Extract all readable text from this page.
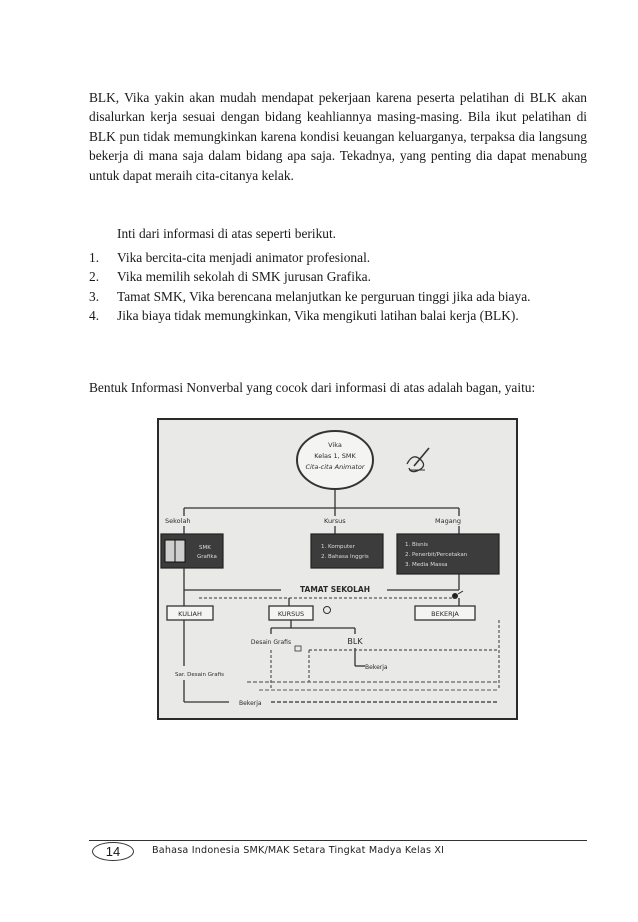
BLK, Vika yakin akan mudah mendapat pekerjaan karena peserta pelatihan di BLK akan disalurkan kerja sesuai dengan bidang keahliannya masing-masing. Bila ikut pelatihan di BLK pun tidak memungkinkan karena kondisi keuangan keluarganya, terpaksa dia langsung bekerja di mana saja dalam bidang apa saja. Tekadnya, yang penting dia dapat menabung untuk dapat meraih cita-citanya kelak.

Inti dari informasi di atas seperti berikut.

1. Vika bercita-cita menjadi animator profesional.
2. Vika memilih sekolah di SMK jurusan Grafika.
3. Tamat SMK, Vika berencana melanjutkan ke perguruan tinggi jika ada biaya.
4. Jika biaya tidak memungkinkan, Vika mengikuti latihan balai kerja (BLK).

Bentuk Informasi Nonverbal yang cocok dari informasi di atas adalah bagan, yaitu:

Vika
Kelas 1, SMK
Cita-cita Animator
Sekolah	Kursus	Magang
SMK
Grafika
1. Komputer
2. Bahasa Inggris
1. Bisnis
2. Penerbit/Percetakan
3. Media Massa
TAMAT SEKOLAH
KULIAH	KURSUS	BEKERJA
Desain Grafis	BLK
Sar. Desain Grafis
Bekerja
Bekerja
14	Bahasa Indonesia SMK/MAK Setara Tingkat Madya Kelas XI
